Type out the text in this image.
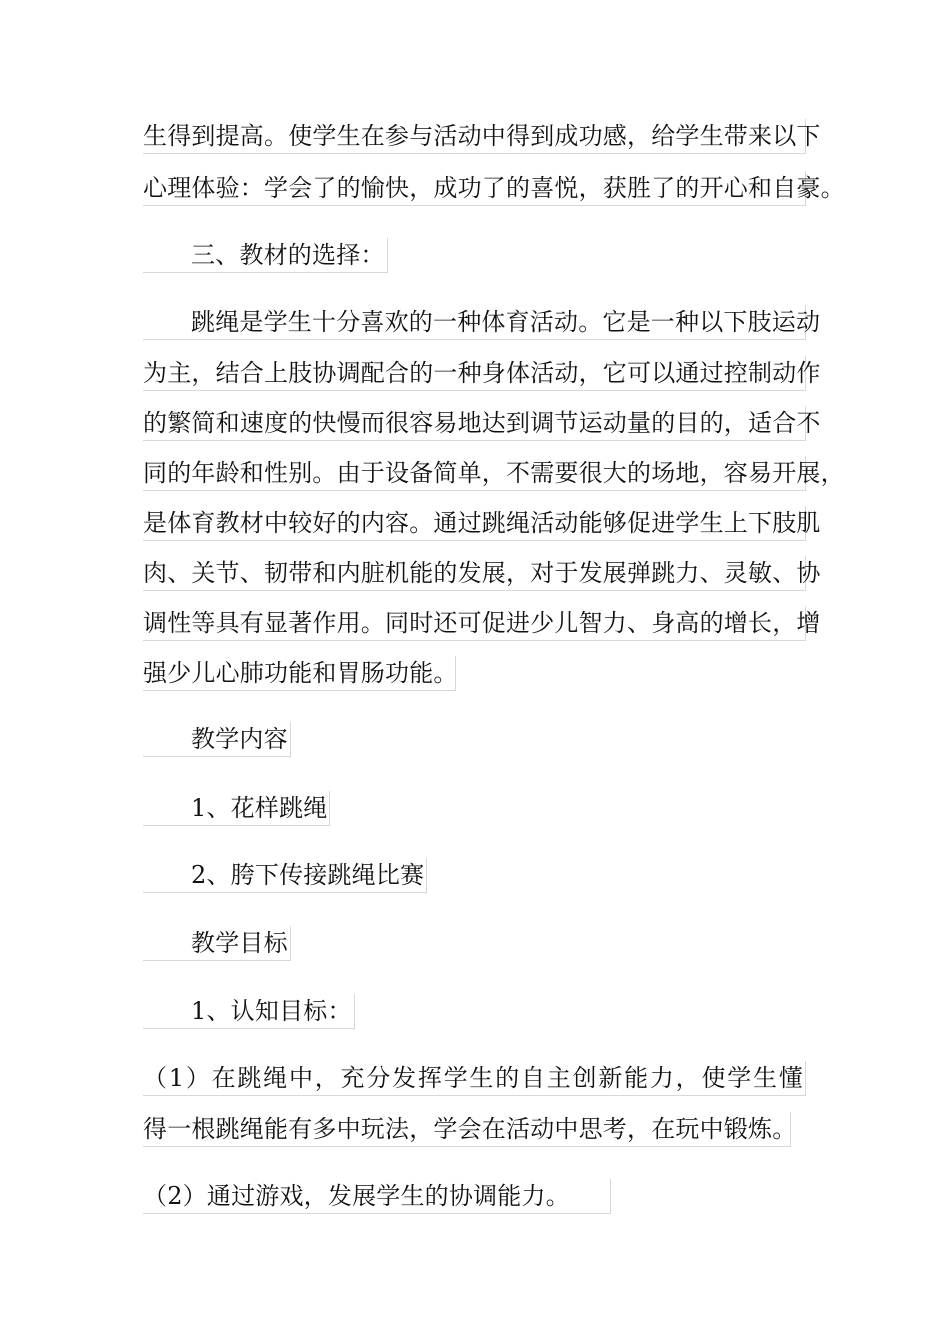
生得到提高。使学生在参与活动中得到成功感，给学生带来以下
心理体验：学会了的愉快，成功了的喜悦，获胜了的开心和自豪。
三、教材的选择：
跳绳是学生十分喜欢的一种体育活动。它是一种以下肢运动
为主，结合上肢协调配合的一种身体活动，它可以通过控制动作
的繁简和速度的快慢而很容易地达到调节运动量的目的，适合不
同的年龄和性别。由于设备简单，不需要很大的场地，容易开展，
是体育教材中较好的内容。通过跳绳活动能够促进学生上下肢肌
肉、关节、韧带和内脏机能的发展，对于发展弹跳力、灵敏、协
调性等具有显著作用。同时还可促进少儿智力、身高的增长，增
强少儿心肺功能和胃肠功能。
教学内容
1、花样跳绳
2、胯下传接跳绳比赛
教学目标
1、认知目标：
（1）在跳绳中，充分发挥学生的自主创新能力，使学生懂
得一根跳绳能有多中玩法，学会在活动中思考，在玩中锻炼。
（2）通过游戏，发展学生的协调能力。
